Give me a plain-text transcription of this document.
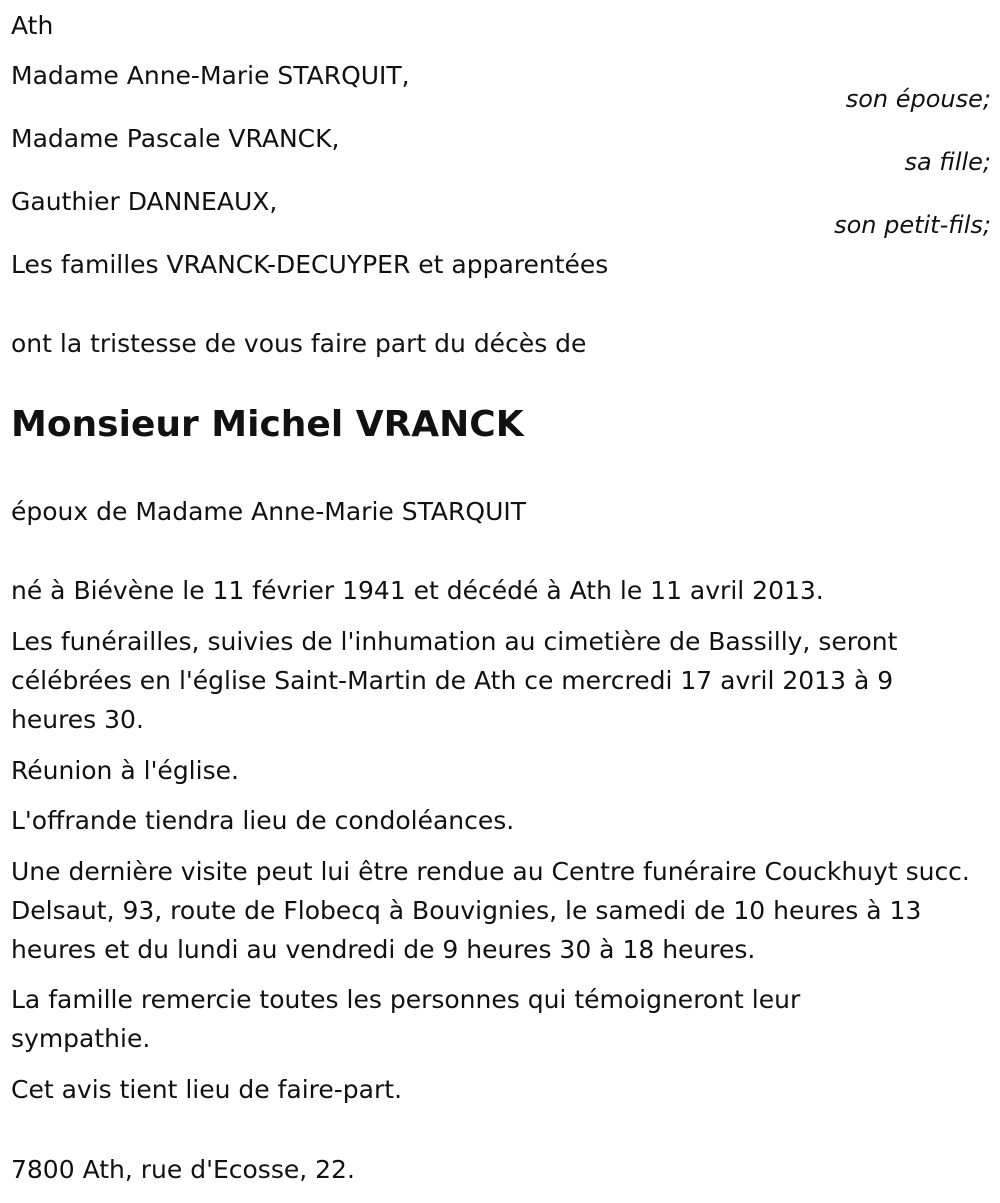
Ath
Madame Anne-Marie STARQUIT,
son épouse;
Madame Pascale VRANCK,
sa fille;
Gauthier DANNEAUX,
son petit-fils;
Les familles VRANCK-DECUYPER et apparentées
ont la tristesse de vous faire part du décès de
Monsieur Michel VRANCK
époux de Madame Anne-Marie STARQUIT
né à Biévène le 11 février 1941 et décédé à Ath le 11 avril 2013.

Les funérailles, suivies de l'inhumation au cimetière de Bassilly, seront célébrées en l'église Saint-Martin de Ath ce mercredi 17 avril 2013 à 9 heures 30.

Réunion à l'église.
L'offrande tiendra lieu de condoléances.

Une dernière visite peut lui être rendue au Centre funéraire Couckhuyt succ. Delsaut, 93, route de Flobecq à Bouvignies, le samedi de 10 heures à 13 heures et du lundi au vendredi de 9 heures 30 à 18 heures.

La famille remercie toutes les personnes qui témoigneront leur sympathie.

Cet avis tient lieu de faire-part.
7800 Ath, rue d'Ecosse, 22.
